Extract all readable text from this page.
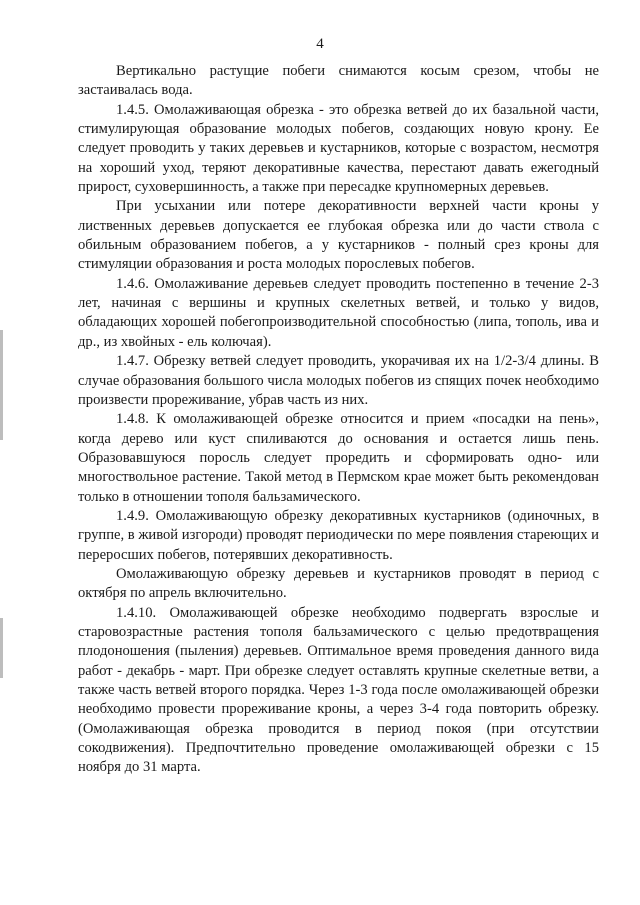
4

Вертикально растущие побеги снимаются косым срезом, чтобы не застаивалась вода.

1.4.5. Омолаживающая обрезка - это обрезка ветвей до их базальной части, стимулирующая образование молодых побегов, создающих новую крону. Ее следует проводить у таких деревьев и кустарников, которые с возрастом, несмотря на хороший уход, теряют декоративные качества, перестают давать ежегодный прирост, суховершинность, а также при пересадке крупномерных деревьев.

При усыхании или потере декоративности верхней части кроны у лиственных деревьев допускается ее глубокая обрезка или до части ствола с обильным образованием побегов, а у кустарников - полный срез кроны для стимуляции образования и роста молодых порослевых побегов.

1.4.6. Омолаживание деревьев следует проводить постепенно в течение 2-3 лет, начиная с вершины и крупных скелетных ветвей, и только у видов, обладающих хорошей побегопроизводительной способностью (липа, тополь, ива и др., из хвойных - ель колючая).

1.4.7. Обрезку ветвей следует проводить, укорачивая их на 1/2-3/4 длины. В случае образования большого числа молодых побегов из спящих почек необходимо произвести прореживание, убрав часть из них.

1.4.8. К омолаживающей обрезке относится и прием «посадки на пень», когда дерево или куст спиливаются до основания и остается лишь пень. Образовавшуюся поросль следует проредить и сформировать одно- или многоствольное растение. Такой метод в Пермском крае может быть рекомендован только в отношении тополя бальзамического.

1.4.9. Омолаживающую обрезку декоративных кустарников (одиночных, в группе, в живой изгороди) проводят периодически по мере появления стареющих и переросших побегов, потерявших декоративность.

Омолаживающую обрезку деревьев и кустарников проводят в период с октября по апрель включительно.

1.4.10. Омолаживающей обрезке необходимо подвергать взрослые и старовозрастные растения тополя бальзамического с целью предотвращения плодоношения (пыления) деревьев. Оптимальное время проведения данного вида работ - декабрь - март. При обрезке следует оставлять крупные скелетные ветви, а также часть ветвей второго порядка. Через 1-3 года после омолаживающей обрезки необходимо провести прореживание кроны, а через 3-4 года повторить обрезку. (Омолаживающая обрезка проводится в период покоя (при отсутствии сокодвижения). Предпочтительно проведение омолаживающей обрезки с 15 ноября до 31 марта.
